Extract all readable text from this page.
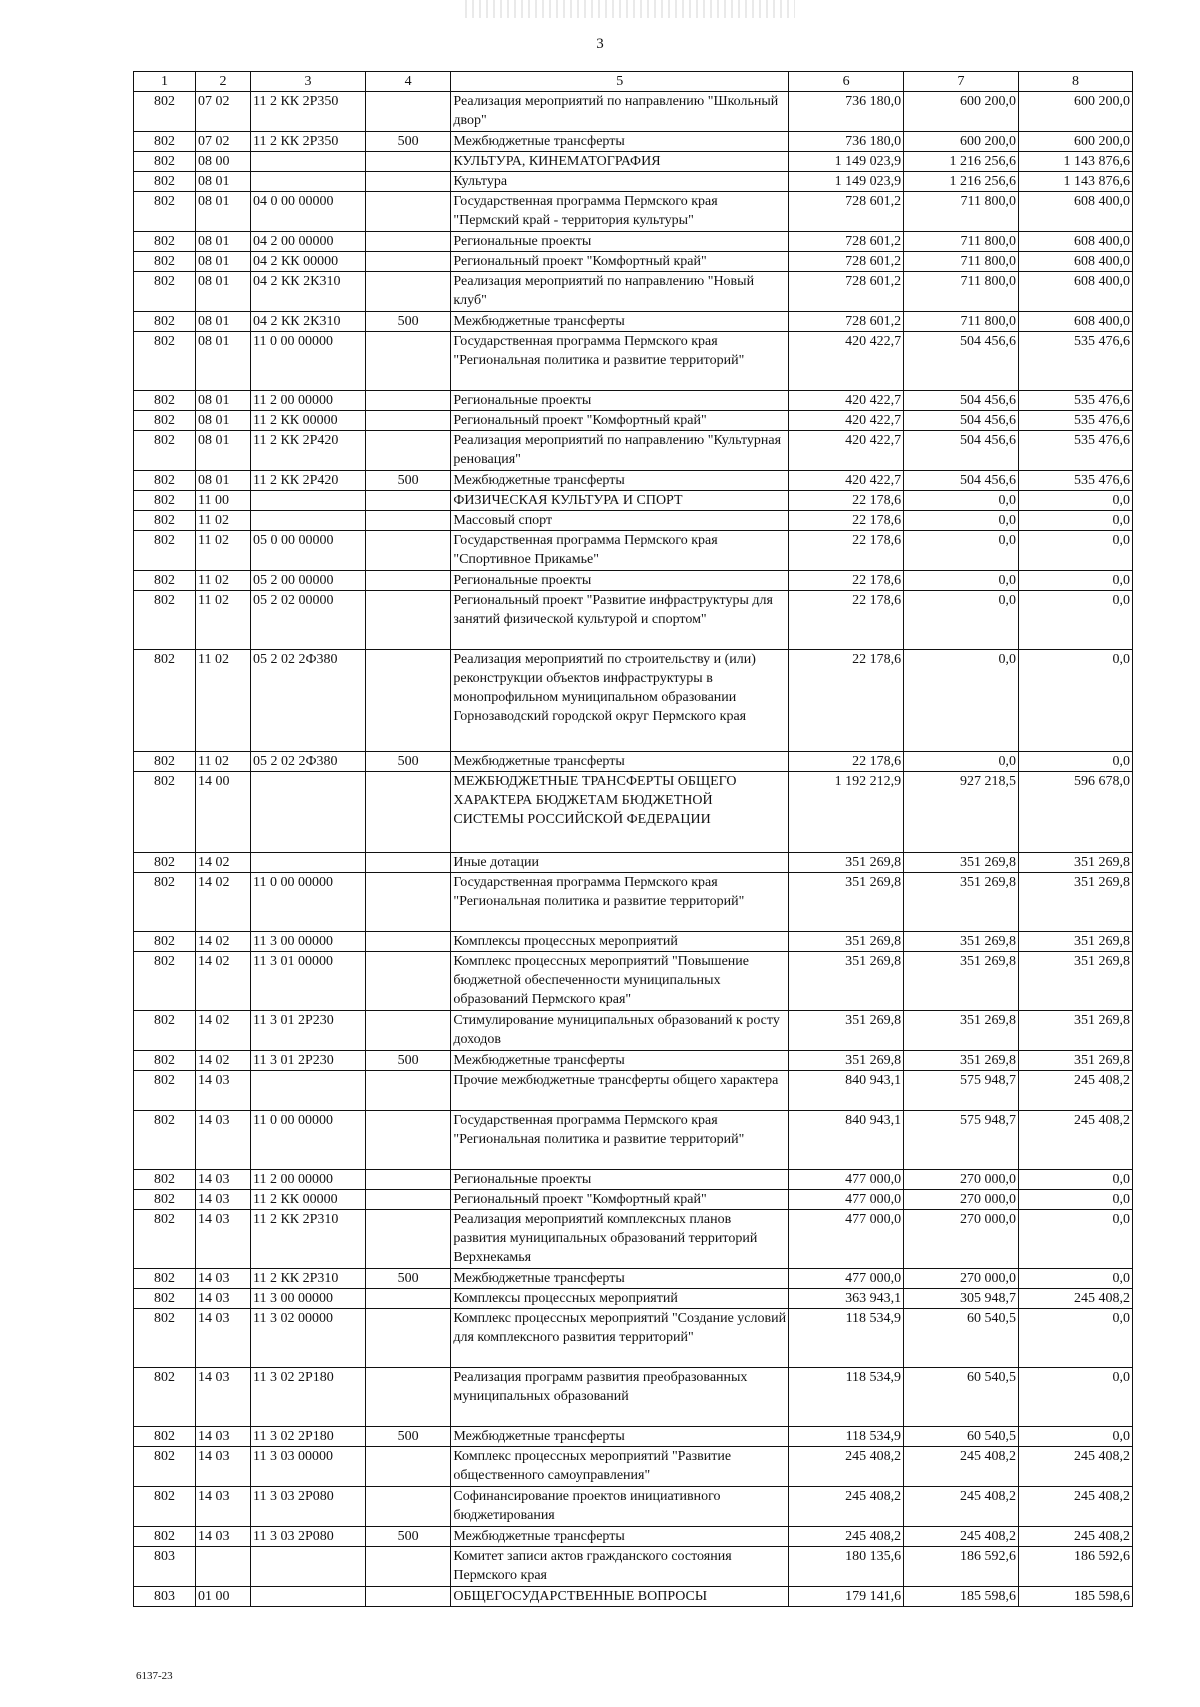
3
1	2	3	4	5	6	7	8
802	07 02	11 2 КК 2Р350		Реализация мероприятий по направлению "Школьный двор"	736 180,0	600 200,0	600 200,0
802	07 02	11 2 КК 2Р350	500	Межбюджетные трансферты	736 180,0	600 200,0	600 200,0
802	08 00			КУЛЬТУРА, КИНЕМАТОГРАФИЯ	1 149 023,9	1 216 256,6	1 143 876,6
802	08 01			Культура	1 149 023,9	1 216 256,6	1 143 876,6
802	08 01	04 0 00 00000		Государственная программа Пермского края "Пермский край - территория культуры"	728 601,2	711 800,0	608 400,0
802	08 01	04 2 00 00000		Региональные проекты	728 601,2	711 800,0	608 400,0
802	08 01	04 2 КК 00000		Региональный проект "Комфортный край"	728 601,2	711 800,0	608 400,0
802	08 01	04 2 КК 2К310		Реализация мероприятий по направлению "Новый клуб"	728 601,2	711 800,0	608 400,0
802	08 01	04 2 КК 2К310	500	Межбюджетные трансферты	728 601,2	711 800,0	608 400,0
802	08 01	11 0 00 00000		Государственная программа Пермского края "Региональная политика и развитие территорий"	420 422,7	504 456,6	535 476,6
802	08 01	11 2 00 00000		Региональные проекты	420 422,7	504 456,6	535 476,6
802	08 01	11 2 КК 00000		Региональный проект "Комфортный край"	420 422,7	504 456,6	535 476,6
802	08 01	11 2 КК 2Р420		Реализация мероприятий по направлению "Культурная реновация"	420 422,7	504 456,6	535 476,6
802	08 01	11 2 КК 2Р420	500	Межбюджетные трансферты	420 422,7	504 456,6	535 476,6
802	11 00			ФИЗИЧЕСКАЯ КУЛЬТУРА И СПОРТ	22 178,6	0,0	0,0
802	11 02			Массовый спорт	22 178,6	0,0	0,0
802	11 02	05 0 00 00000		Государственная программа Пермского края "Спортивное Прикамье"	22 178,6	0,0	0,0
802	11 02	05 2 00 00000		Региональные проекты	22 178,6	0,0	0,0
802	11 02	05 2 02 00000		Региональный проект "Развитие инфраструктуры для занятий физической культурой и спортом"	22 178,6	0,0	0,0
802	11 02	05 2 02 2Ф380		Реализация мероприятий по строительству и (или) реконструкции объектов инфраструктуры в монопрофильном муниципальном образовании Горнозаводский городской округ Пермского края	22 178,6	0,0	0,0
802	11 02	05 2 02 2Ф380	500	Межбюджетные трансферты	22 178,6	0,0	0,0
802	14 00			МЕЖБЮДЖЕТНЫЕ ТРАНСФЕРТЫ ОБЩЕГО ХАРАКТЕРА БЮДЖЕТАМ БЮДЖЕТНОЙ СИСТЕМЫ РОССИЙСКОЙ ФЕДЕРАЦИИ	1 192 212,9	927 218,5	596 678,0
802	14 02			Иные дотации	351 269,8	351 269,8	351 269,8
802	14 02	11 0 00 00000		Государственная программа Пермского края "Региональная политика и развитие территорий"	351 269,8	351 269,8	351 269,8
802	14 02	11 3 00 00000		Комплексы процессных мероприятий	351 269,8	351 269,8	351 269,8
802	14 02	11 3 01 00000		Комплекс процессных мероприятий "Повышение бюджетной обеспеченности муниципальных образований Пермского края"	351 269,8	351 269,8	351 269,8
802	14 02	11 3 01 2Р230		Стимулирование муниципальных образований к росту доходов	351 269,8	351 269,8	351 269,8
802	14 02	11 3 01 2Р230	500	Межбюджетные трансферты	351 269,8	351 269,8	351 269,8
802	14 03			Прочие межбюджетные трансферты общего характера	840 943,1	575 948,7	245 408,2
802	14 03	11 0 00 00000		Государственная программа Пермского края "Региональная политика и развитие территорий"	840 943,1	575 948,7	245 408,2
802	14 03	11 2 00 00000		Региональные проекты	477 000,0	270 000,0	0,0
802	14 03	11 2 КК 00000		Региональный проект "Комфортный край"	477 000,0	270 000,0	0,0
802	14 03	11 2 КК 2Р310		Реализация мероприятий комплексных планов развития муниципальных образований территорий Верхнекамья	477 000,0	270 000,0	0,0
802	14 03	11 2 КК 2Р310	500	Межбюджетные трансферты	477 000,0	270 000,0	0,0
802	14 03	11 3 00 00000		Комплексы процессных мероприятий	363 943,1	305 948,7	245 408,2
802	14 03	11 3 02 00000		Комплекс процессных мероприятий "Создание условий для комплексного развития территорий"	118 534,9	60 540,5	0,0
802	14 03	11 3 02 2Р180		Реализация программ развития преобразованных муниципальных образований	118 534,9	60 540,5	0,0
802	14 03	11 3 02 2Р180	500	Межбюджетные трансферты	118 534,9	60 540,5	0,0
802	14 03	11 3 03 00000		Комплекс процессных мероприятий "Развитие общественного самоуправления"	245 408,2	245 408,2	245 408,2
802	14 03	11 3 03 2Р080		Софинансирование проектов инициативного бюджетирования	245 408,2	245 408,2	245 408,2
802	14 03	11 3 03 2Р080	500	Межбюджетные трансферты	245 408,2	245 408,2	245 408,2
803				Комитет записи актов гражданского состояния Пермского края	180 135,6	186 592,6	186 592,6
803	01 00			ОБЩЕГОСУДАРСТВЕННЫЕ ВОПРОСЫ	179 141,6	185 598,6	185 598,6
6137-23
